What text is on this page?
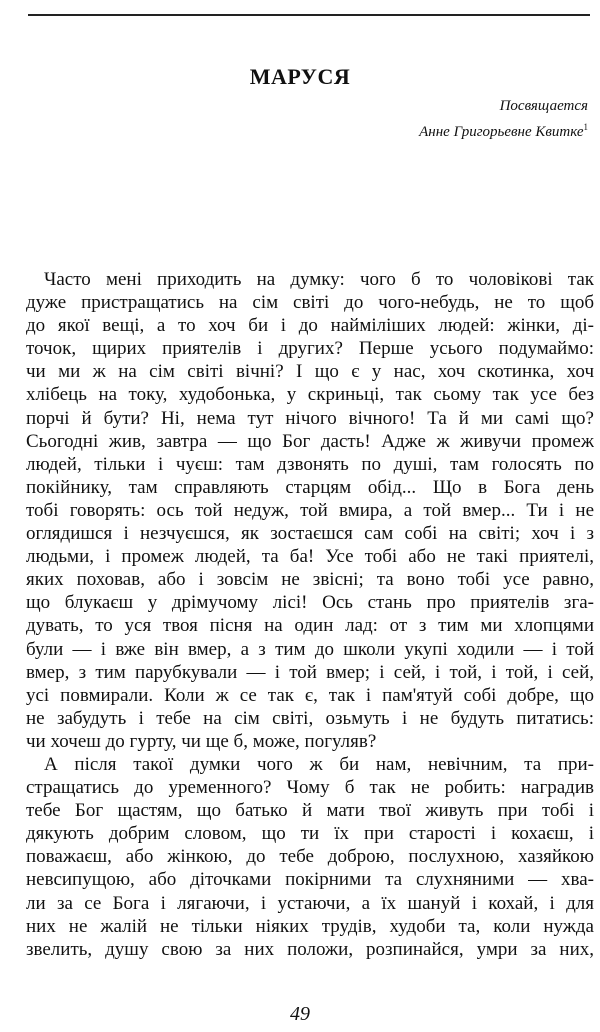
МАРУСЯ
Посвящается
Анне Григорьевне Квитке$^1$
Часто мені приходить на думку: чого б то чоловікові так
дуже пристращатись на сім світі до чого-небудь, не то щоб
до якої вещі, а то хоч би і до найміліших людей: жінки, ді-
точок, щирих приятелів і других? Перше усього подумаймо:
чи ми ж на сім світі вічні? І що є у нас, хоч скотинка, хоч
хлібець на току, худобонька, у скриньці, так сьому так усе без
порчі й бути? Ні, нема тут нічого вічного! Та й ми самі що?
Сьогодні жив, завтра — що Бог дасть! Адже ж живучи промеж
людей, тільки і чуєш: там дзвонять по душі, там голосять по
покійнику, там справляють старцям обід... Що в Бога день
тобі говорять: ось той недуж, той вмира, а той вмер... Ти і не
оглядишся і незчуєшся, як зостаєшся сам собі на світі; хоч і з
людьми, і промеж людей, та ба! Усе тобі або не такі приятелі,
яких поховав, або і зовсім не звісні; та воно тобі усе равно,
що блукаєш у дрімучому лісі! Ось стань про приятелів зга-
дувать, то уся твоя пісня на один лад: от з тим ми хлопцями
були — і вже він вмер, а з тим до школи укупі ходили — і той
вмер, з тим парубкували — і той вмер; і сей, і той, і той, і сей,
усі повмирали. Коли ж се так є, так і пам'ятуй собі добре, що
не забудуть і тебе на сім світі, озьмуть і не будуть питатись:
чи хочеш до гурту, чи ще б, може, погуляв?
А після такої думки чого ж би нам, невічним, та при-
стращатись до уременного? Чому б так не робить: наградив
тебе Бог щастям, що батько й мати твої живуть при тобі і
дякують добрим словом, що ти їх при старості і кохаєш, і
поважаєш, або жінкою, до тебе доброю, послухною, хазяйкою
невсипущою, або діточками покірними та слухняними — хва-
ли за се Бога і лягаючи, і устаючи, а їх шануй і кохай, і для
них не жалій не тільки ніяких трудів, худоби та, коли нужда
звелить, душу свою за них положи, розпинайся, умри за них,
49
